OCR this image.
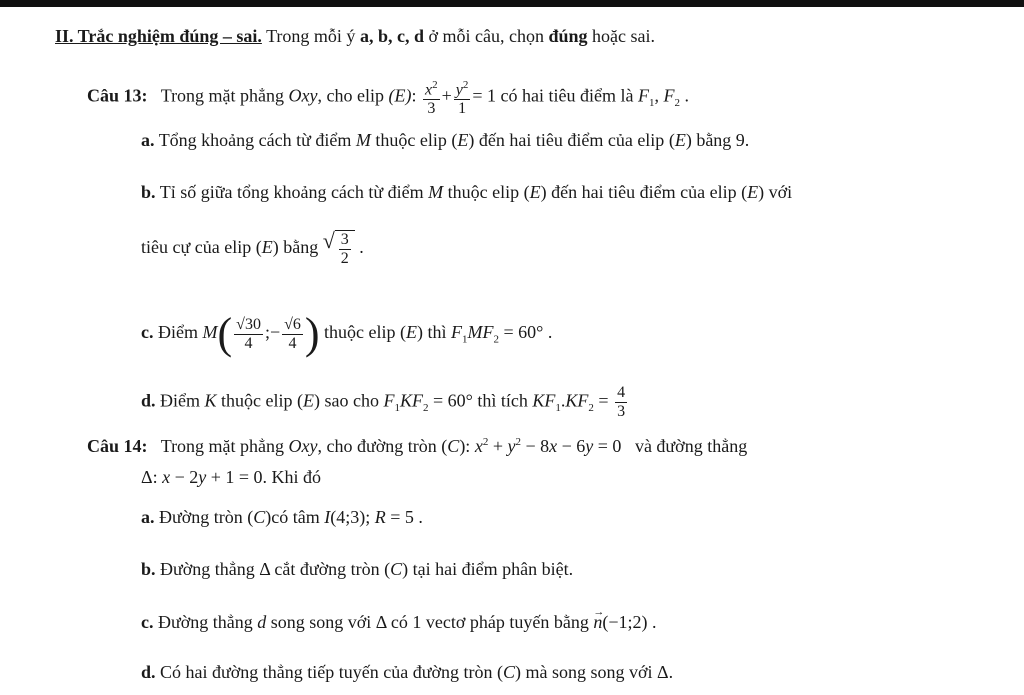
II. Trắc nghiệm đúng – sai. Trong mỗi ý a, b, c, d ở mỗi câu, chọn đúng hoặc sai.
Câu 13: Trong mặt phẳng Oxy, cho elip (E): $\frac{x^2}{3} + \frac{y^2}{1} = 1$ có hai tiêu điểm là $F_1$, $F_2$ .
a. Tổng khoảng cách từ điểm M thuộc elip (E) đến hai tiêu điểm của elip (E) bằng 9.
b. Tỉ số giữa tổng khoảng cách từ điểm M thuộc elip (E) đến hai tiêu điểm của elip (E) với
tiêu cự của elip (E) bằng √ $\frac{3}{2}$ .
c. Điểm $M( \frac{√30}{4}$ ;− $\frac{√6}{4}$ ) thuộc elip (E) thì $F_1MF_2 = 60^\circ$ .
d. Điểm K thuộc elip (E) sao cho $F_1KF_2 = 60^\circ$ thì tích $KF_1.KF_2 = \frac{4}{3}$
Câu 14: Trong mặt phẳng Oxy, cho đường tròn (C): $x^2 + y^2 - 8x - 6y = 0$   và đường thẳng
Δ: x − 2y + 1 = 0. Khi đó
a. Đường tròn (C)có tâm I(4;3); R = 5 .
b. Đường thẳng Δ cắt đường tròn (C) tại hai điểm phân biệt.
c. Đường thẳng d song song với Δ có 1 vectơ pháp tuyến bằng → n(−1;2) .
d. Có hai đường thẳng tiếp tuyến của đường tròn (C) mà song song với Δ.
